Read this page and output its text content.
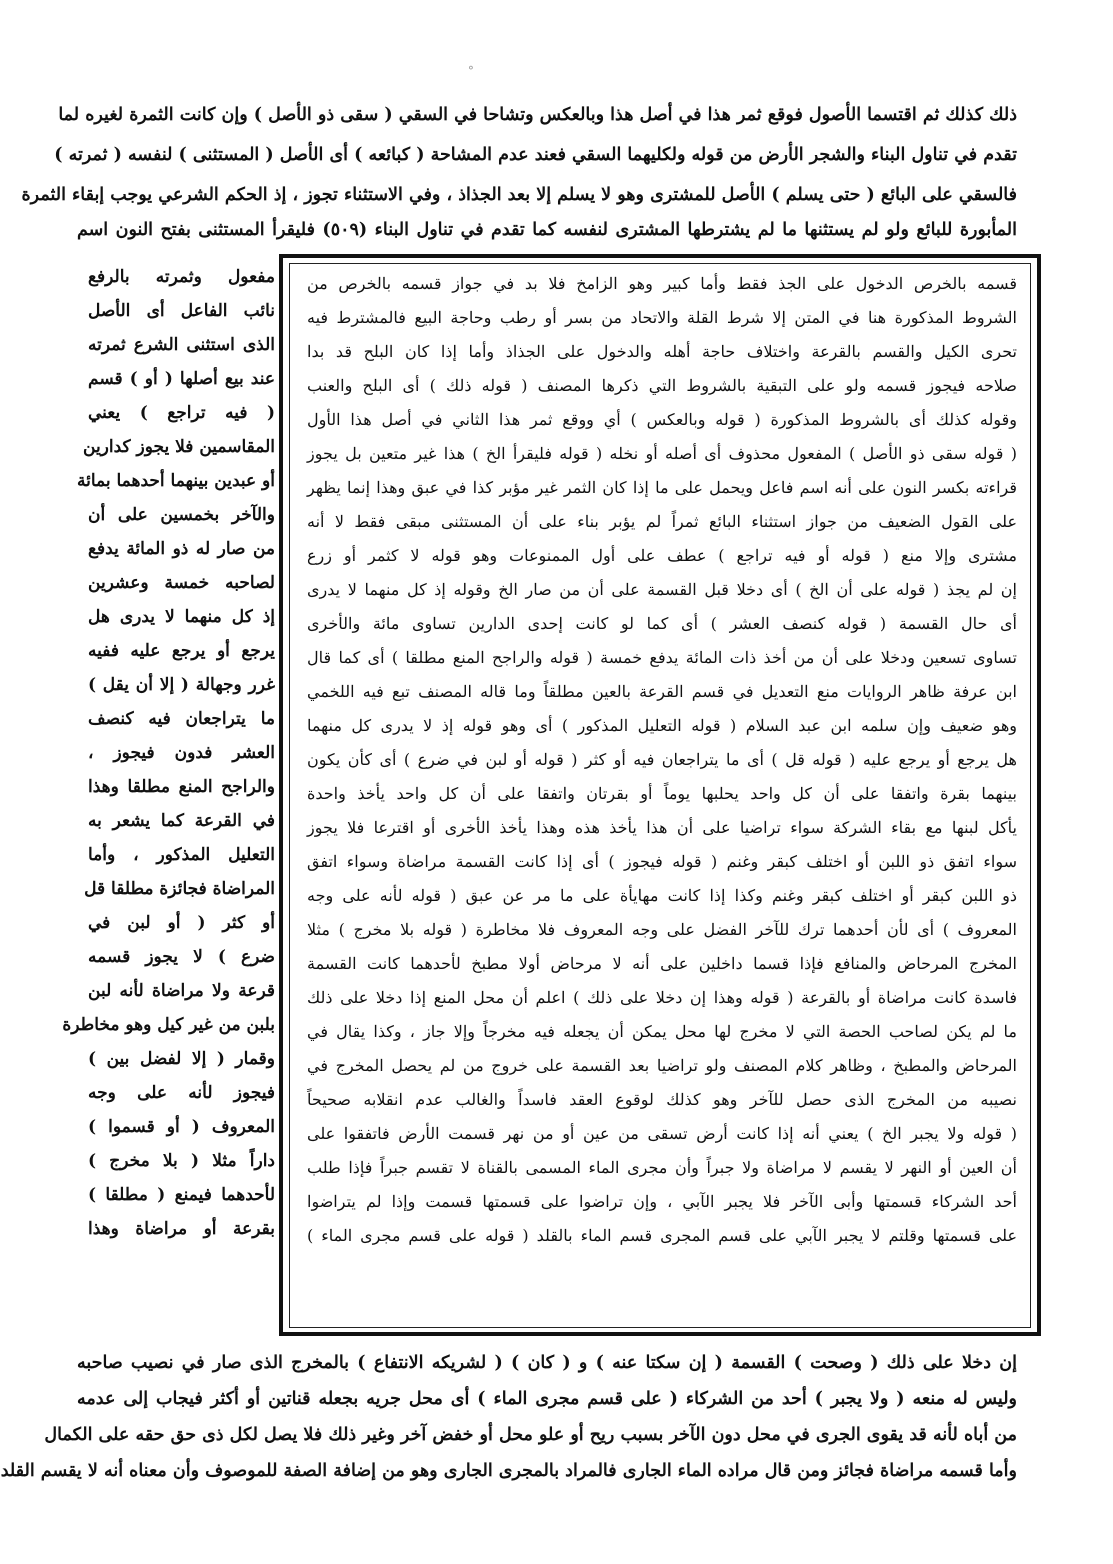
ﹾ
ذلك كذلك ثم اقتسما الأصول فوقع ثمر هذا في أصل هذا وبالعكس وتشاحا في السقي ( سقى ذو الأصل ) وإن كانت الثمرة لغيره لما
تقدم في تناول البناء والشجر الأرض من قوله ولكليهما السقي فعند عدم المشاحة ( كبائعه ) أى الأصل ( المستثنى ) لنفسه ( ثمرته )
فالسقي على البائع ( حتى يسلم ) الأصل للمشترى وهو لا يسلم إلا بعد الجذاذ ، وفي الاستثناء تجوز ، إذ الحكم الشرعي يوجب إبقاء الثمرة
المأبورة للبائع ولو لم يستثنها ما لم يشترطها المشترى لنفسه كما تقدم في تناول البناء (٥٠٩) فليقرأ المستثنى بفتح النون اسم
قسمه بالخرص الدخول على الجذ فقط وأما كبير وهو الزامخ فلا بد في جواز قسمه بالخرص من
الشروط المذكورة هنا في المتن إلا شرط القلة والاتحاد من بسر أو رطب وحاجة البيع فالمشترط فيه
تحرى الكيل والقسم بالقرعة واختلاف حاجة أهله والدخول على الجذاذ وأما إذا كان البلح قد بدا
صلاحه فيجوز قسمه ولو على التبقية بالشروط التي ذكرها المصنف ( قوله ذلك ) أى البلح والعنب
وقوله كذلك أى بالشروط المذكورة ( قوله وبالعكس ) أي ووقع ثمر هذا الثاني في أصل هذا الأول
( قوله سقى ذو الأصل ) المفعول محذوف أى أصله أو نخله ( قوله فليقرأ الخ ) هذا غير متعين بل يجوز
قراءته بكسر النون على أنه اسم فاعل ويحمل على ما إذا كان الثمر غير مؤبر كذا في عبق وهذا إنما يظهر
على القول الضعيف من جواز استثناء البائع ثمراً لم يؤبر بناء على أن المستثنى مبقى فقط لا أنه
مشترى وإلا منع ( قوله أو فيه تراجع ) عطف على أول الممنوعات وهو قوله لا كثمر أو زرع
إن لم يجذ ( قوله على أن الخ ) أى دخلا قبل القسمة على أن من صار الخ وقوله إذ كل منهما لا يدرى
أى حال القسمة ( قوله كنصف العشر ) أى كما لو كانت إحدى الدارين تساوى مائة والأخرى
تساوى تسعين ودخلا على أن من أخذ ذات المائة يدفع خمسة ( قوله والراجح المنع مطلقا ) أى كما قال
ابن عرفة ظاهر الروايات منع التعديل في قسم القرعة بالعين مطلقاً وما قاله المصنف تبع فيه اللخمي
وهو ضعيف وإن سلمه ابن عبد السلام ( قوله التعليل المذكور ) أى وهو قوله إذ لا يدرى كل منهما
هل يرجع أو يرجع عليه ( قوله قل ) أى ما يتراجعان فيه أو كثر ( قوله أو لبن في ضرع ) أى كأن يكون
بينهما بقرة واتفقا على أن كل واحد يحلبها يوماً أو بقرتان واتفقا على أن كل واحد يأخذ واحدة
يأكل لبنها مع بقاء الشركة سواء تراضيا على أن هذا يأخذ هذه وهذا يأخذ الأخرى أو اقترعا فلا يجوز
سواء اتفق ذو اللبن أو اختلف كبقر وغنم ( قوله فيجوز ) أى إذا كانت القسمة مراضاة وسواء اتفق
ذو اللبن كبقر أو اختلف كبقر وغنم وكذا إذا كانت مهايأة على ما مر عن عبق ( قوله لأنه على وجه
المعروف ) أى لأن أحدهما ترك للآخر الفضل على وجه المعروف فلا مخاطرة ( قوله بلا مخرج ) مثلا
المخرج المرحاض والمنافع فإذا قسما داخلين على أنه لا مرحاض أولا مطبخ لأحدهما كانت القسمة
فاسدة كانت مراضاة أو بالقرعة ( قوله وهذا إن دخلا على ذلك ) اعلم أن محل المنع إذا دخلا على ذلك
ما لم يكن لصاحب الحصة التي لا مخرج لها محل يمكن أن يجعله فيه مخرجاً وإلا جاز ، وكذا يقال في
المرحاض والمطبخ ، وظاهر كلام المصنف ولو تراضيا بعد القسمة على خروج من لم يحصل المخرج في
نصيبه من المخرج الذى حصل للآخر وهو كذلك لوقوع العقد فاسداً والغالب عدم انقلابه صحيحاً
( قوله ولا يجبر الخ ) يعني أنه إذا كانت أرض تسقى من عين أو من نهر قسمت الأرض فاتفقوا على
أن العين أو النهر لا يقسم لا مراضاة ولا جبراً وأن مجرى الماء المسمى بالقناة لا تقسم جبراً فإذا طلب
أحد الشركاء قسمتها وأبى الآخر فلا يجبر الآبي ، وإن تراضوا على قسمتها قسمت وإذا لم يتراضوا
على قسمتها وقلتم لا يجبر الآبي على قسم المجرى قسم الماء بالقلد ( قوله على قسم مجرى الماء )
مفعول وثمرته بالرفع
نائب الفاعل أى الأصل
الذى استثنى الشرع ثمرته
عند بيع أصلها ( أو ) قسم
( فيه تراجع ) يعني
المقاسمين فلا يجوز كدارين
أو عبدين بينهما أحدهما بمائة
والآخر بخمسين على أن
من صار له ذو المائة يدفع
لصاحبه خمسة وعشرين
إذ كل منهما لا يدرى هل
يرجع أو يرجع عليه ففيه
غرر وجهالة ( إلا أن يقل )
ما يتراجعان فيه كنصف
العشر فدون فيجوز ،
والراجح المنع مطلقا وهذا
في القرعة كما يشعر به
التعليل المذكور ، وأما
المراضاة فجائزة مطلقا قل
أو كثر ( أو لبن في
ضرع ) لا يجوز قسمه
قرعة ولا مراضاة لأنه لبن
بلبن من غير كيل وهو مخاطرة
وقمار ( إلا لفضل بين )
فيجوز لأنه على وجه
المعروف ( أو قسموا )
داراً مثلا ( بلا مخرج )
لأحدهما فيمنع ( مطلقا )
بقرعة أو مراضاة وهذا
إن دخلا على ذلك ( وصحت ) القسمة ( إن سكتا عنه ) و ( كان ) ( لشريكه الانتفاع ) بالمخرج الذى صار في نصيب صاحبه
وليس له منعه ( ولا يجبر ) أحد من الشركاء ( على قسم مجرى الماء ) أى محل جريه بجعله قناتين أو أكثر فيجاب إلى عدمه
من أباه لأنه قد يقوى الجرى في محل دون الآخر بسبب ريح أو علو محل أو خفض آخر وغير ذلك فلا يصل لكل ذى حق حقه على الكمال
وأما قسمه مراضاة فجائز ومن قال مراده الماء الجارى فالمراد بالمجرى الجارى وهو من إضافة الصفة للموصوف وأن معناه أنه لا يقسم القلد
